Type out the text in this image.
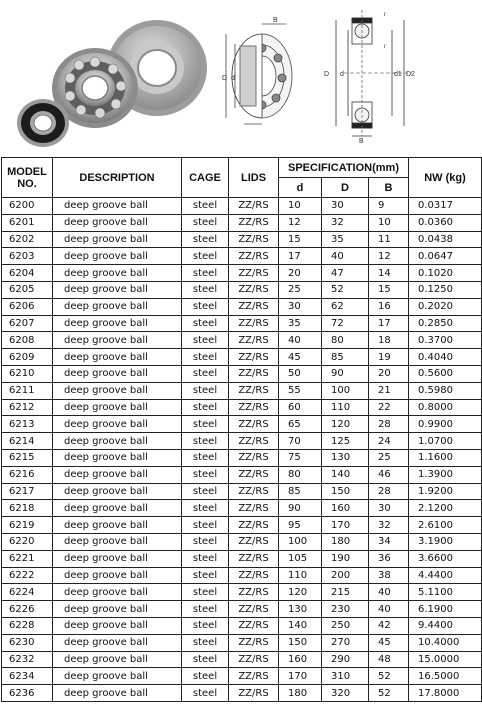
D d
B
D d	d1 D2
B
r
r
MODEL NO.	DESCRIPTION	CAGE	LIDS	SPECIFICATION(mm)			NW (kg)
				d	D	B	
6200	deep groove ball	steel	ZZ/RS	10	30	9	0.0317
6201	deep groove ball	steel	ZZ/RS	12	32	10	0.0360
6202	deep groove ball	steel	ZZ/RS	15	35	11	0.0438
6203	deep groove ball	steel	ZZ/RS	17	40	12	0.0647
6204	deep groove ball	steel	ZZ/RS	20	47	14	0.1020
6205	deep groove ball	steel	ZZ/RS	25	52	15	0.1250
6206	deep groove ball	steel	ZZ/RS	30	62	16	0.2020
6207	deep groove ball	steel	ZZ/RS	35	72	17	0.2850
6208	deep groove ball	steel	ZZ/RS	40	80	18	0.3700
6209	deep groove ball	steel	ZZ/RS	45	85	19	0.4040
6210	deep groove ball	steel	ZZ/RS	50	90	20	0.5600
6211	deep groove ball	steel	ZZ/RS	55	100	21	0.5980
6212	deep groove ball	steel	ZZ/RS	60	110	22	0.8000
6213	deep groove ball	steel	ZZ/RS	65	120	28	0.9900
6214	deep groove ball	steel	ZZ/RS	70	125	24	1.0700
6215	deep groove ball	steel	ZZ/RS	75	130	25	1.1600
6216	deep groove ball	steel	ZZ/RS	80	140	46	1.3900
6217	deep groove ball	steel	ZZ/RS	85	150	28	1.9200
6218	deep groove ball	steel	ZZ/RS	90	160	30	2.1200
6219	deep groove ball	steel	ZZ/RS	95	170	32	2.6100
6220	deep groove ball	steel	ZZ/RS	100	180	34	3.1900
6221	deep groove ball	steel	ZZ/RS	105	190	36	3.6600
6222	deep groove ball	steel	ZZ/RS	110	200	38	4.4400
6224	deep groove ball	steel	ZZ/RS	120	215	40	5.1100
6226	deep groove ball	steel	ZZ/RS	130	230	40	6.1900
6228	deep groove ball	steel	ZZ/RS	140	250	42	9.4400
6230	deep groove ball	steel	ZZ/RS	150	270	45	10.4000
6232	deep groove ball	steel	ZZ/RS	160	290	48	15.0000
6234	deep groove ball	steel	ZZ/RS	170	310	52	16.5000
6236	deep groove ball	steel	ZZ/RS	180	320	52	17.8000
